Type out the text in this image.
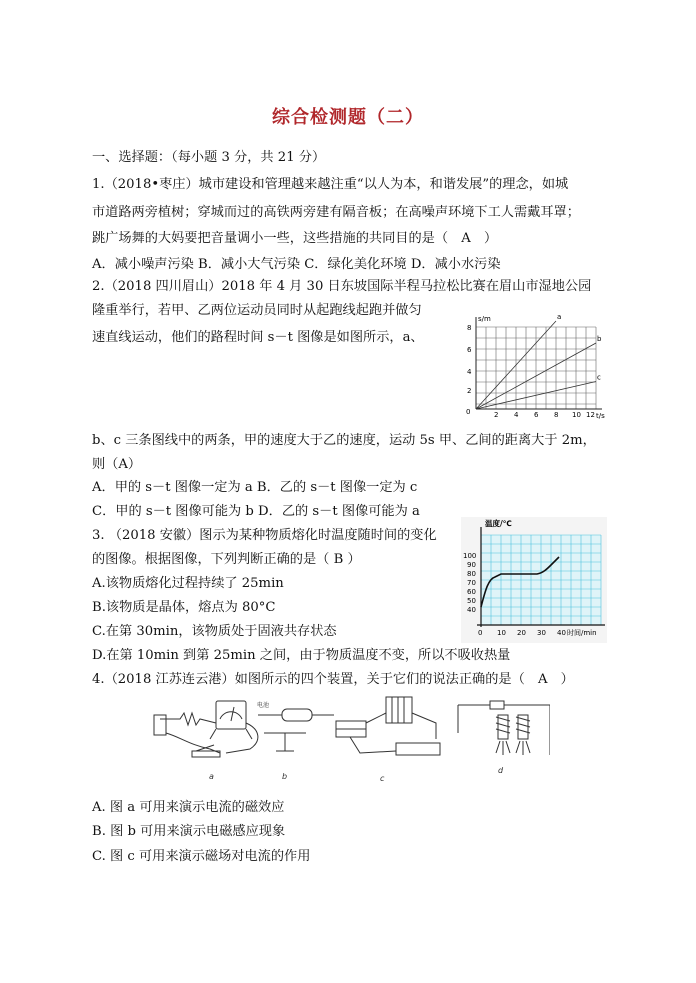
综合检测题（二）
一、选择题：（每小题 3 分，共 21 分）
1.（2018•枣庄）城市建设和管理越来越注重“以人为本，和谐发展”的理念，如城
市道路两旁植树；穿城而过的高铁两旁建有隔音板；在高噪声环境下工人需戴耳罩；
跳广场舞的大妈要把音量调小一些，这些措施的共同目的是（　A　）
A．减小噪声污染 B．减小大气污染 C．绿化美化环境 D．减小水污染
2.（2018 四川眉山）2018 年 4 月 30 日东坡国际半程马拉松比赛在眉山市湿地公园
隆重举行，若甲、乙两位运动员同时从起跑线起跑并做匀
速直线运动，他们的路程时间 s－t 图像是如图所示，a、
s/m
t/s
0
2
4
6
8
2 4 6 8 10 12
a
b
c
b、c 三条图线中的两条，甲的速度大于乙的速度，运动 5s 甲、乙间的距离大于 2m，
则（A）
A．甲的 s－t 图像一定为 a B．乙的 s－t 图像一定为 c
C．甲的 s－t 图像可能为 b D．乙的 s－t 图像可能为 a
3. （2018 安徽）图示为某种物质熔化时温度随时间的变化
的图像。根据图像，下列判断正确的是（ B ）
A.该物质熔化过程持续了 25min
B.该物质是晶体，熔点为 80°C
C.在第 30min，该物质处于固液共存状态
D.在第 10min 到第 25min 之间，由于物质温度不变，所以不吸收热量
温度/℃
100
90
80
70
60
50
40
0 10 20 30 40 时间/min
4.（2018 江苏连云港）如图所示的四个装置，关于它们的说法正确的是（　A　）
a
电池
b	c
d
A. 图 a 可用来演示电流的磁效应
B. 图 b 可用来演示电磁感应现象
C. 图 c 可用来演示磁场对电流的作用
